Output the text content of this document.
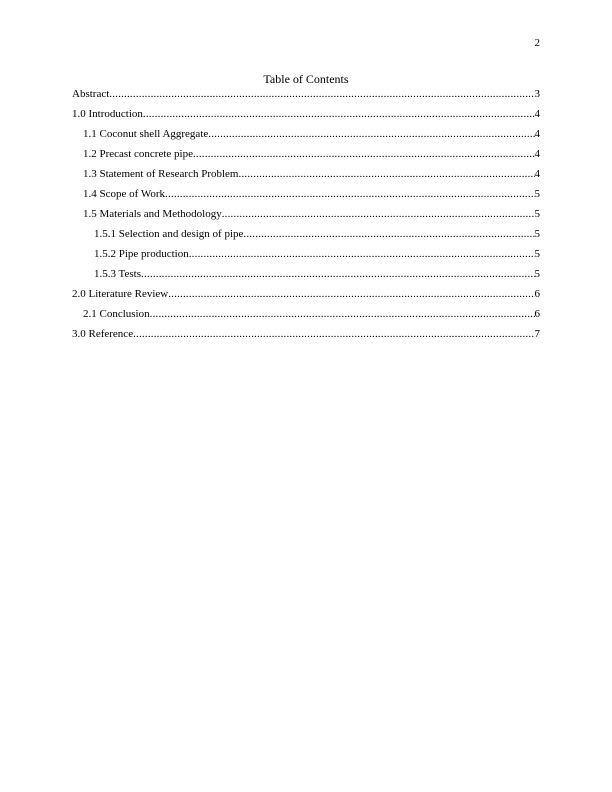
2
Table of Contents
Abstract .....	3
1.0 Introduction .....	4
1.1 Coconut shell Aggregate .....	4
1.2 Precast concrete pipe .....	4
1.3 Statement of Research Problem .....	4
1.4 Scope of Work .....	5
1.5 Materials and Methodology .....	5
1.5.1 Selection and design of pipe .....	5
1.5.2 Pipe production .....	5
1.5.3 Tests .....	5
2.0 Literature Review .....	6
2.1 Conclusion .....	6
3.0 Reference .....	7
